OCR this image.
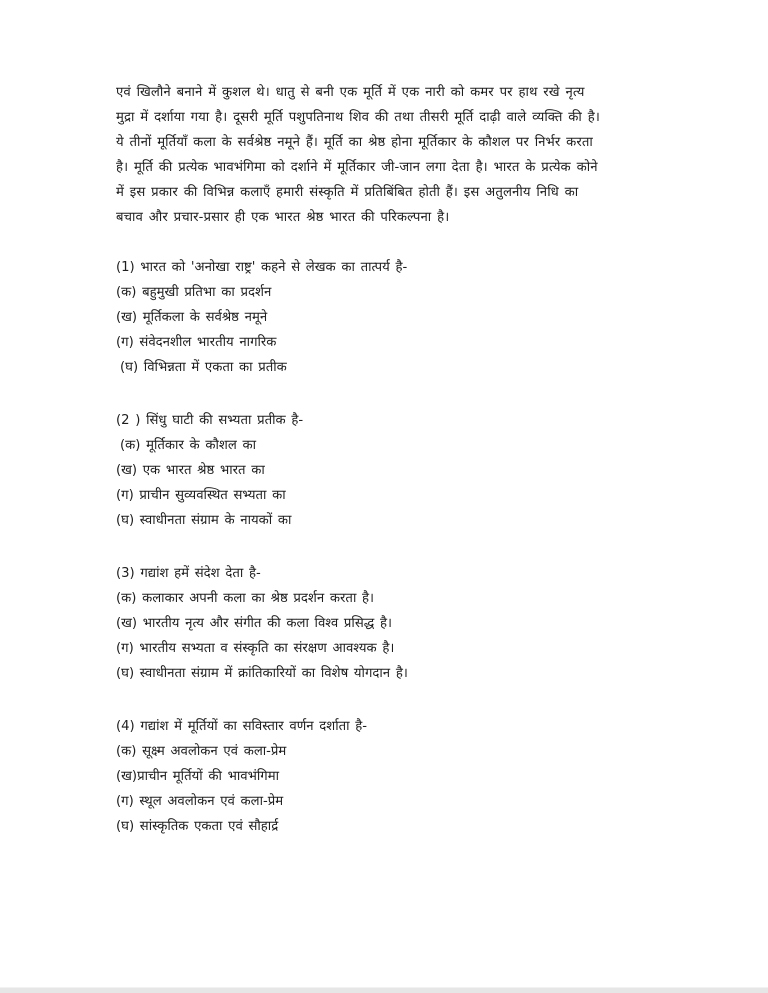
एवं खिलौने बनाने में कुशल थे। धातु से बनी एक मूर्ति में एक नारी को कमर पर हाथ रखे नृत्य

मुद्रा में दर्शाया गया है। दूसरी मूर्ति पशुपतिनाथ शिव की तथा तीसरी मूर्ति दाढ़ी वाले व्यक्ति की है।

ये तीनों मूर्तियाँ कला के सर्वश्रेष्ठ नमूने हैं। मूर्ति का श्रेष्ठ होना मूर्तिकार के कौशल पर निर्भर करता

है। मूर्ति की प्रत्येक भावभंगिमा को दर्शाने में मूर्तिकार जी-जान लगा देता है। भारत के प्रत्येक कोने

में इस प्रकार की विभिन्न कलाएँ हमारी संस्कृति में प्रतिबिंबित होती हैं। इस अतुलनीय निधि का

बचाव और प्रचार-प्रसार ही एक भारत श्रेष्ठ भारत की परिकल्पना है।

(1) भारत को 'अनोखा राष्ट्र' कहने से लेखक का तात्पर्य है-
(क) बहुमुखी प्रतिभा का प्रदर्शन
(ख) मूर्तिकला के सर्वश्रेष्ठ नमूने
(ग) संवेदनशील भारतीय नागरिक
(घ) विभिन्नता में एकता का प्रतीक
(2 ) सिंधु घाटी की सभ्यता प्रतीक है-
(क) मूर्तिकार के कौशल का
(ख) एक भारत श्रेष्ठ भारत का
(ग) प्राचीन सुव्यवस्थित सभ्यता का
(घ) स्वाधीनता संग्राम के नायकों का
(3) गद्यांश हमें संदेश देता है-
(क) कलाकार अपनी कला का श्रेष्ठ प्रदर्शन करता है।
(ख) भारतीय नृत्य और संगीत की कला विश्व प्रसिद्ध है।
(ग) भारतीय सभ्यता व संस्कृति का संरक्षण आवश्यक है।
(घ) स्वाधीनता संग्राम में क्रांतिकारियों का विशेष योगदान है।
(4) गद्यांश में मूर्तियों का सविस्तार वर्णन दर्शाता है-
(क) सूक्ष्म अवलोकन एवं कला-प्रेम
(ख)प्राचीन मूर्तियों की भावभंगिमा
(ग) स्थूल अवलोकन एवं कला-प्रेम
(घ) सांस्कृतिक एकता एवं सौहार्द्र
